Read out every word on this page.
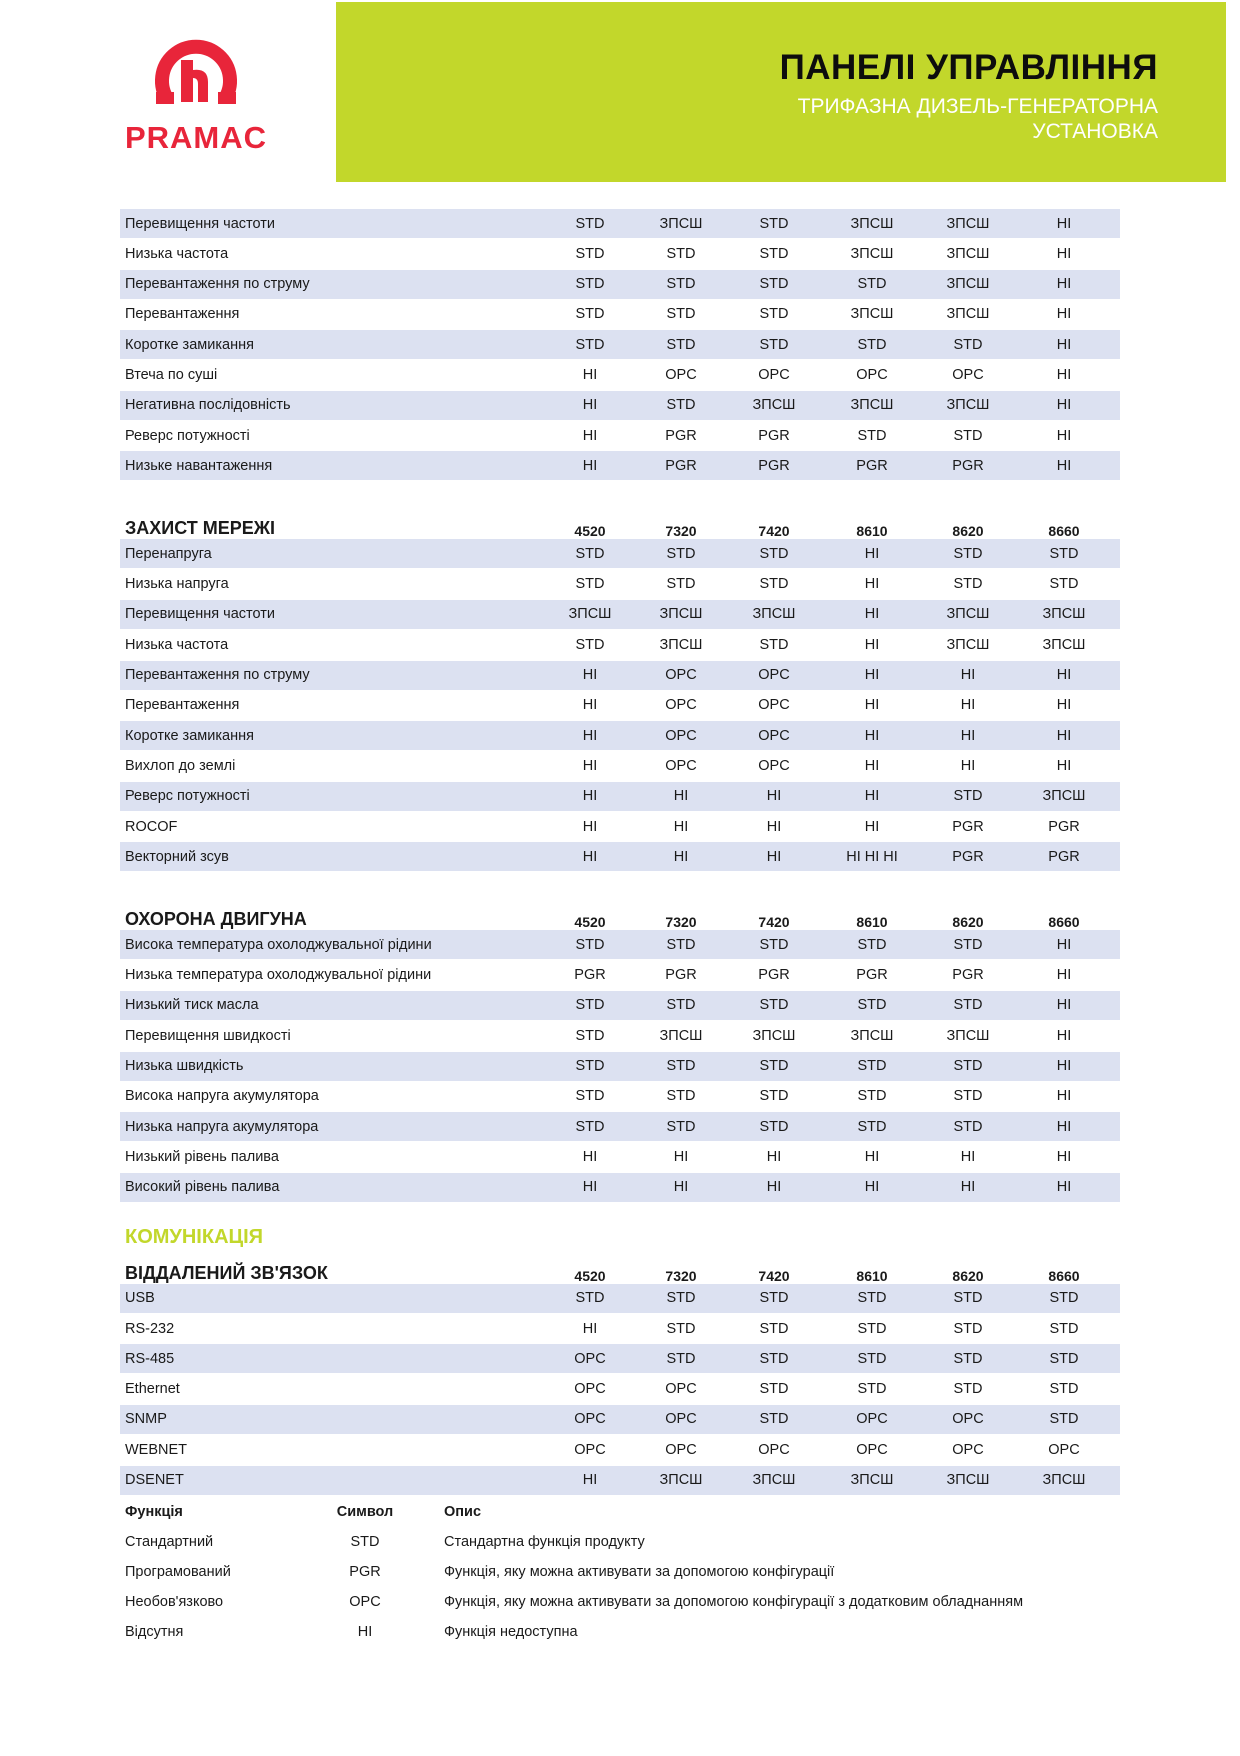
PRAMAC
ПАНЕЛІ УПРАВЛІННЯ
ТРИФАЗНА ДИЗЕЛЬ-ГЕНЕРАТОРНА
УСТАНОВКА
Перевищення частоти	STD	ЗПСШ	STD	ЗПСШ	ЗПСШ	НІ
Низька частота	STD	STD	STD	ЗПСШ	ЗПСШ	НІ
Перевантаження по струму	STD	STD	STD	STD	ЗПСШ	НІ
Перевантаження	STD	STD	STD	ЗПСШ	ЗПСШ	НІ
Коротке замикання	STD	STD	STD	STD	STD	НІ
Втеча по суші	НІ	OPC	OPC	OPC	OPC	НІ
Негативна послідовність	НІ	STD	ЗПСШ	ЗПСШ	ЗПСШ	НІ
Реверс потужності	НІ	PGR	PGR	STD	STD	НІ
Низьке навантаження	НІ	PGR	PGR	PGR	PGR	НІ
ЗАХИСТ МЕРЕЖІ	4520	7320	7420	8610	8620	8660
Перенапруга	STD	STD	STD	НІ	STD	STD
Низька напруга	STD	STD	STD	НІ	STD	STD
Перевищення частоти	ЗПСШ	ЗПСШ	ЗПСШ	НІ	ЗПСШ	ЗПСШ
Низька частота	STD	ЗПСШ	STD	НІ	ЗПСШ	ЗПСШ
Перевантаження по струму	НІ	OPC	OPC	НІ	НІ	НІ
Перевантаження	НІ	OPC	OPC	НІ	НІ	НІ
Коротке замикання	НІ	OPC	OPC	НІ	НІ	НІ
Вихлоп до землі	НІ	OPC	OPC	НІ	НІ	НІ
Реверс потужності	НІ	НІ	НІ	НІ	STD	ЗПСШ
ROCOF	НІ	НІ	НІ	НІ	PGR	PGR
Векторний зсув	НІ	НІ	НІ	НІ НІ НІ	PGR	PGR
ОХОРОНА ДВИГУНА	4520	7320	7420	8610	8620	8660
Висока температура охолоджувальної рідини	STD	STD	STD	STD	STD	НІ
Низька температура охолоджувальної рідини	PGR	PGR	PGR	PGR	PGR	НІ
Низький тиск масла	STD	STD	STD	STD	STD	НІ
Перевищення швидкості	STD	ЗПСШ	ЗПСШ	ЗПСШ	ЗПСШ	НІ
Низька швидкість	STD	STD	STD	STD	STD	НІ
Висока напруга акумулятора	STD	STD	STD	STD	STD	НІ
Низька напруга акумулятора	STD	STD	STD	STD	STD	НІ
Низький рівень палива	НІ	НІ	НІ	НІ	НІ	НІ
Високий рівень палива	НІ	НІ	НІ	НІ	НІ	НІ
КОМУНІКАЦІЯ
ВІДДАЛЕНИЙ ЗВ'ЯЗОК	4520	7320	7420	8610	8620	8660
USB	STD	STD	STD	STD	STD	STD
RS-232	НІ	STD	STD	STD	STD	STD
RS-485	OPC	STD	STD	STD	STD	STD
Ethernet	OPC	OPC	STD	STD	STD	STD
SNMP	OPC	OPC	STD	OPC	OPC	STD
WEBNET	OPC	OPC	OPC	OPC	OPC	OPC
DSENET	НІ	ЗПСШ	ЗПСШ	ЗПСШ	ЗПСШ	ЗПСШ
Функція	Символ	Опис
Стандартний	STD	Стандартна функція продукту
Програмований	PGR	Функція, яку можна активувати за допомогою конфігурації
Необов'язково	OPC	Функція, яку можна активувати за допомогою конфігурації з додатковим обладнанням
Відсутня	НІ	Функція недоступна
